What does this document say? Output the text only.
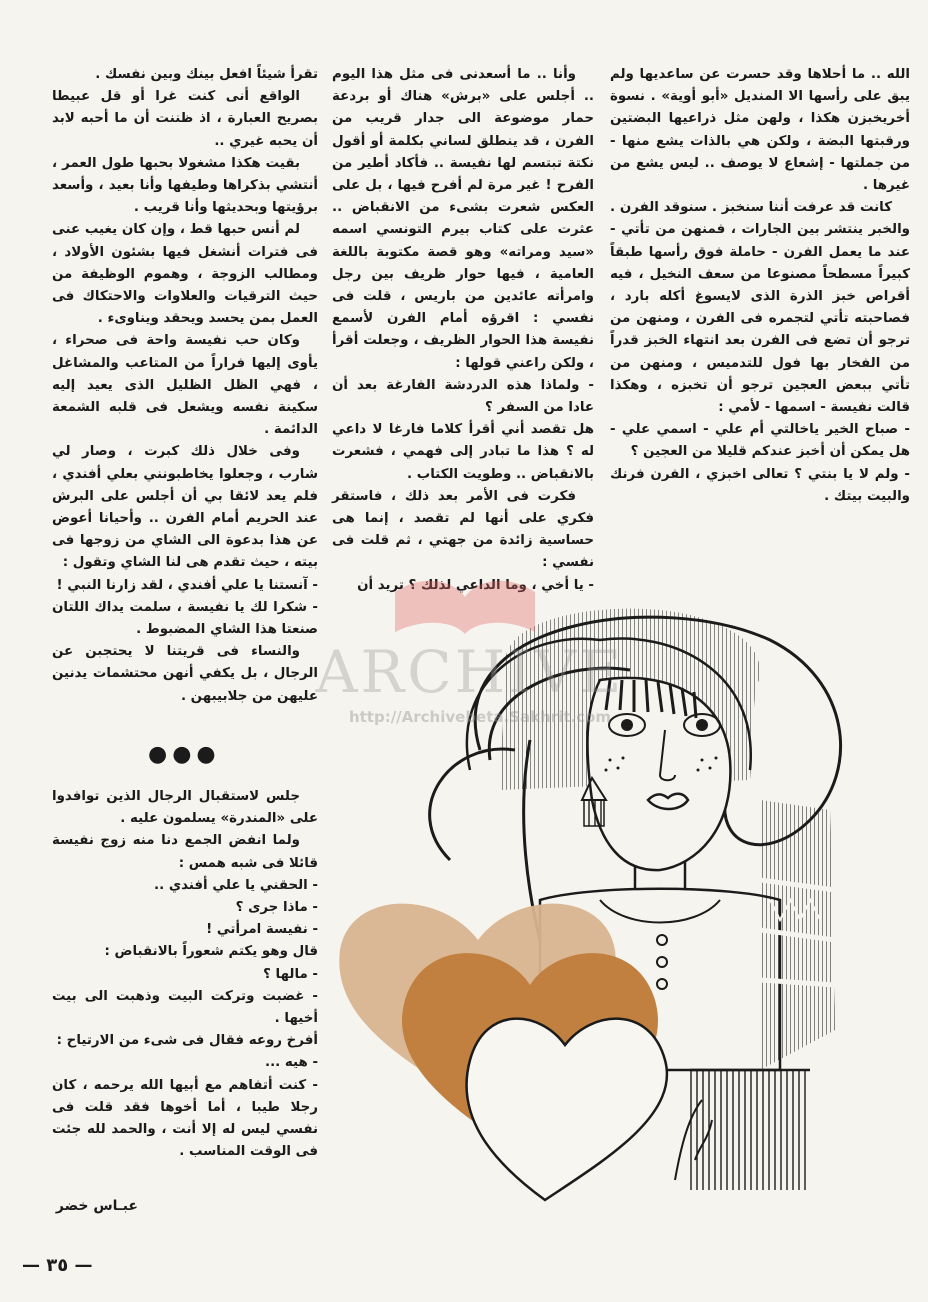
الله .. ما أحلاها وقد حسرت عن ساعديها ولم يبق على رأسها الا المنديل «أبو أوية» . نسوة أخريخبزن هكذا ، ولهن مثل ذراعيها البضتين ورقبتها البضة ، ولكن هي بالذات يشع منها - من جملتها - إشعاع لا يوصف .. ليس يشع من غيرها .

كانت قد عرفت أننا سنخبز . سنوقد الفرن . والخبر ينتشر بين الجارات ، فمنهن من تأتي - عند ما يعمل الفرن - حاملة فوق رأسها طبقاً كبيراً مسطحاً مصنوعا من سعف النخيل ، فيه أقراص خبز الذرة الذى لايسوغ أكله بارد ، فصاحبته تأتي لتجمره فى الفرن ، ومنهن من ترجو أن تضع فى الفرن بعد انتهاء الخبز قدراً من الفخار بها فول للتدميس ، ومنهن من تأتي ببعض العجين ترجو أن تخبزه ، وهكذا قالت نفيسة - اسمها - لأمي :

- صباح الخير ياخالتي أم علي - اسمي علي - هل يمكن أن أخبز عندكم قليلا من العجين ؟

- ولم لا يا بنتي ؟ تعالى اخبزي ، الفرن فرنك والبيت بيتك .

وأنا .. ما أسعدنى فى مثل هذا اليوم .. أجلس على «برش» هناك أو بردعة حمار موضوعة الى جدار قريب من الفرن ، قد ينطلق لساني بكلمة أو أقول نكتة تبتسم لها نفيسة .. فأكاد أطير من الفرح ! غير مرة لم أفرح فيها ، بل على العكس شعرت بشىء من الانقباض .. عثرت على كتاب بيرم التونسي اسمه «سيد ومراته» وهو قصة مكتوبة باللغة العامية ، فيها حوار ظريف بين رجل وامرأته عائدين من باريس ، قلت فى نفسي : اقرؤه أمام الفرن لأسمع نفيسة هذا الحوار الظريف ، وجعلت أقرأ ، ولكن راعني قولها :

- ولماذا هذه الدردشة الفارغة بعد أن عادا من السفر ؟

هل تقصد أني أقرأ كلاما فارغا لا داعي له ؟ هذا ما تبادر إلى فهمي ، فشعرت بالانقباض .. وطويت الكتاب .

فكرت فى الأمر بعد ذلك ، فاستقر فكري على أنها لم تقصد ، إنما هى حساسية زائدة من جهتي ، ثم قلت فى نفسي :

- يا أخي ، وما الداعي لذلك ؟ تريد أن

تقرأ شيئاً افعل بينك وبين نفسك .

الواقع أنى كنت غرا أو قل عبيطا بصريح العبارة ، اذ ظننت أن ما أحبه لابد أن يحبه غيري ..

بقيت هكذا مشغولا بحبها طول العمر ، أنتشي بذكراها وطيفها وأنا بعيد ، وأسعد برؤيتها وبحديثها وأنا قريب .

لم أنس حبها قط ، وإن كان يغيب عنى فى فترات أنشغل فيها بشئون الأولاد ، ومطالب الزوجة ، وهموم الوظيفة من حيث الترقيات والعلاوات والاحتكاك فى العمل بمن يحسد ويحقد ويناوىء .

وكان حب نفيسة واحة فى صحراء ، يأوى إليها فراراً من المتاعب والمشاغل ، فهي الظل الظليل الذى يعيد إليه سكينة نفسه ويشعل فى قلبه الشمعة الدائمة .

وفى خلال ذلك كبرت ، وصار لي شارب ، وجعلوا يخاطبونني بعلي أفندي ، فلم يعد لائقا بي أن أجلس على البرش عند الحريم أمام الفرن .. وأحيانا أعوض عن هذا بدعوة الى الشاي من زوجها فى بيته ، حيث تقدم هى لنا الشاي وتقول :

- آنستنا يا علي أفندي ، لقد زارنا النبي !

- شكرا لك يا نفيسة ، سلمت يداك اللتان صنعتا هذا الشاي المضبوط .

والنساء فى قريتنا لا يحتجبن عن الرجال ، بل يكفي أنهن محتشمات يدنين عليهن من جلابيبهن .

●●●

جلس لاستقبال الرجال الذين توافدوا على «المندرة» يسلمون عليه .

ولما انفض الجمع دنا منه زوج نفيسة قائلا فى شبه همس :

- الحقني يا علي أفندي ..

- ماذا جرى ؟

- نفيسة امرأتي !

قال وهو يكتم شعوراً بالانقباض :

- مالها ؟

- غضبت وتركت البيت وذهبت الى بيت أخيها .

أفرخ روعه فقال فى شىء من الارتياح :

- هيه ...

- كنت أتفاهم مع أبيها الله يرحمه ، كان رجلا طيبا ، أما أخوها فقد قلت فى نفسي ليس له إلا أنت ، والحمد لله جئت فى الوقت المناسب .

عبـاس خضر
— ٣٥ —
ARCHIVE
http://Archivebeta.Sakhrit.com
